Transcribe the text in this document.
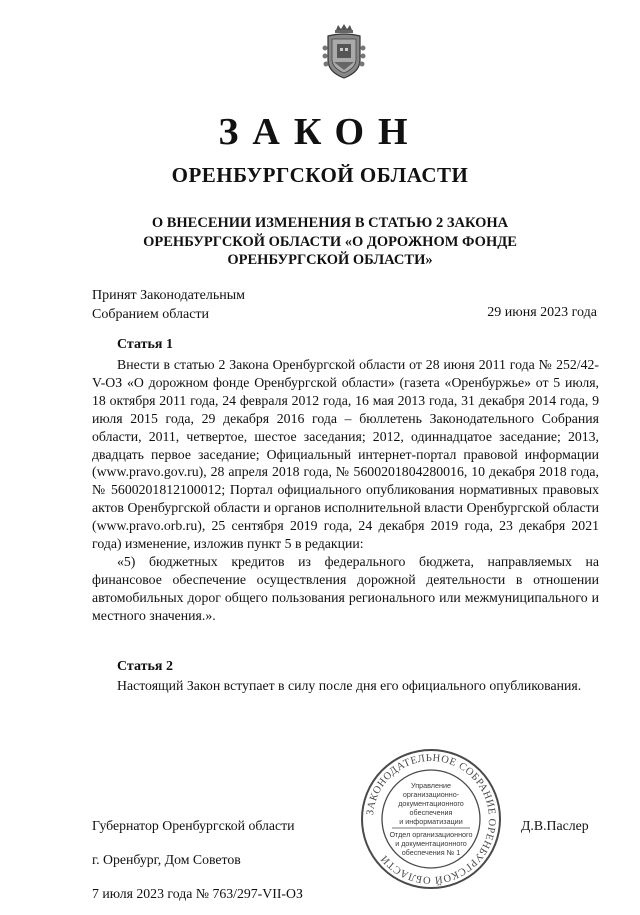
ЗАКОН
ОРЕНБУРГСКОЙ ОБЛАСТИ
О ВНЕСЕНИИ ИЗМЕНЕНИЯ В СТАТЬЮ 2 ЗАКОНА ОРЕНБУРГСКОЙ ОБЛАСТИ «О ДОРОЖНОМ ФОНДЕ ОРЕНБУРГСКОЙ ОБЛАСТИ»
Принят Законодательным
Собранием области	29 июня 2023 года
Статья 1

Внести в статью 2 Закона Оренбургской области от 28 июня 2011 года № 252/42-V-ОЗ «О дорожном фонде Оренбургской области» (газета «Оренбуржье» от 5 июля, 18 октября 2011 года, 24 февраля 2012 года, 16 мая 2013 года, 31 декабря 2014 года, 9 июля 2015 года, 29 декабря 2016 года – бюллетень Законодательного Собрания области, 2011, четвертое, шестое заседания; 2012, одиннадцатое заседание; 2013, двадцать первое заседание; Официальный интернет-портал правовой информации (www.pravo.gov.ru), 28 апреля 2018 года, № 5600201804280016, 10 декабря 2018 года, № 5600201812100012; Портал официального опубликования нормативных правовых актов Оренбургской области и органов исполнительной власти Оренбургской области (www.pravo.orb.ru), 25 сентября 2019 года, 24 декабря 2019 года, 23 декабря 2021 года) изменение, изложив пункт 5 в редакции:

«5) бюджетных кредитов из федерального бюджета, направляемых на финансовое обеспечение осуществления дорожной деятельности в отношении автомобильных дорог общего пользования регионального или межмуниципального и местного значения.».

Статья 2

Настоящий Закон вступает в силу после дня его официального опубликования.

Губернатор Оренбургской области	Д.В.Паслер
г. Оренбург, Дом Советов
7 июля 2023 года № 763/297-VII-ОЗ
ЗАКОНОДАТЕЛЬНОЕ СОБРАНИЕ ОРЕНБУРГСКОЙ ОБЛАСТИ
Управление
организационно-
документационного
обеспечения
и информатизации
Отдел организационного
и документационного
обеспечения № 1
